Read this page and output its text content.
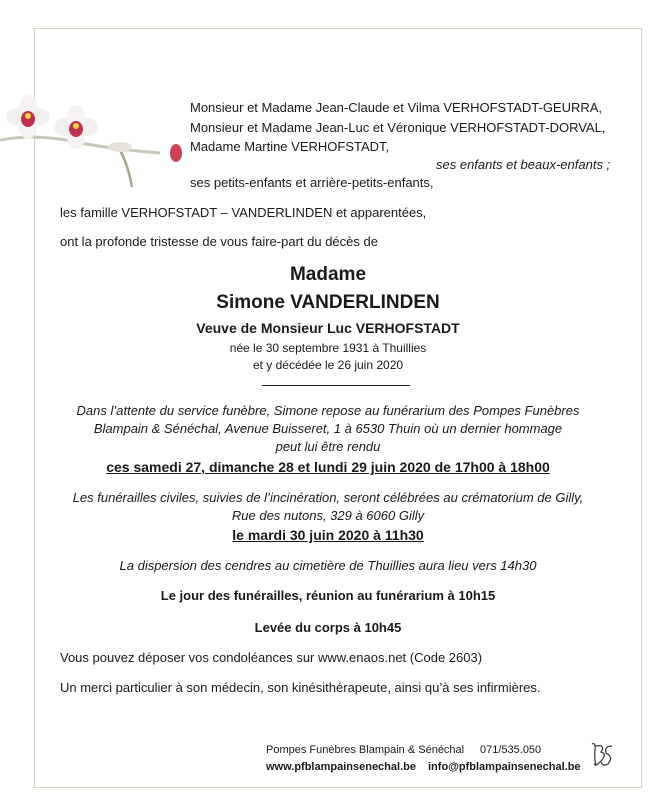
Monsieur et Madame Jean-Claude et Vilma VERHOFSTADT-GEURRA,
Monsieur et Madame Jean-Luc et Véronique VERHOFSTADT-DORVAL,
Madame Martine VERHOFSTADT,
ses enfants et beaux-enfants ;
ses petits-enfants et arrière-petits-enfants,
les famille VERHOFSTADT – VANDERLINDEN et apparentées,
ont la profonde tristesse de vous faire-part du décès de
Madame
Simone VANDERLINDEN
Veuve de Monsieur Luc VERHOFSTADT
née le 30 septembre 1931 à Thuillies
et y décédée le 26 juin 2020
Dans l’attente du service funèbre, Simone repose au funérarium des Pompes Funèbres
Blampain & Sénéchal, Avenue Buisseret, 1 à 6530 Thuin où un dernier hommage
peut lui être rendu
ces samedi 27, dimanche 28 et lundi 29 juin 2020 de 17h00 à 18h00
Les funérailles civiles, suivies de l’incinération, seront célébrées au crématorium de Gilly,
Rue des nutons, 329 à 6060 Gilly
le mardi 30 juin 2020 à 11h30
La dispersion des cendres au cimetière de Thuillies aura lieu vers 14h30
Le jour des funérailles, réunion au funérarium à 10h15
Levée du corps à 10h45
Vous pouvez déposer vos condoléances sur www.enaos.net (Code 2603)
Un merci particulier à son médecin, son kinésithérapeute, ainsi qu’à ses infirmières.
Pompes Funèbres Blampain & Sénéchal 071/535.050
www.pfblampainsenechal.be info@pfblampainsenechal.be
